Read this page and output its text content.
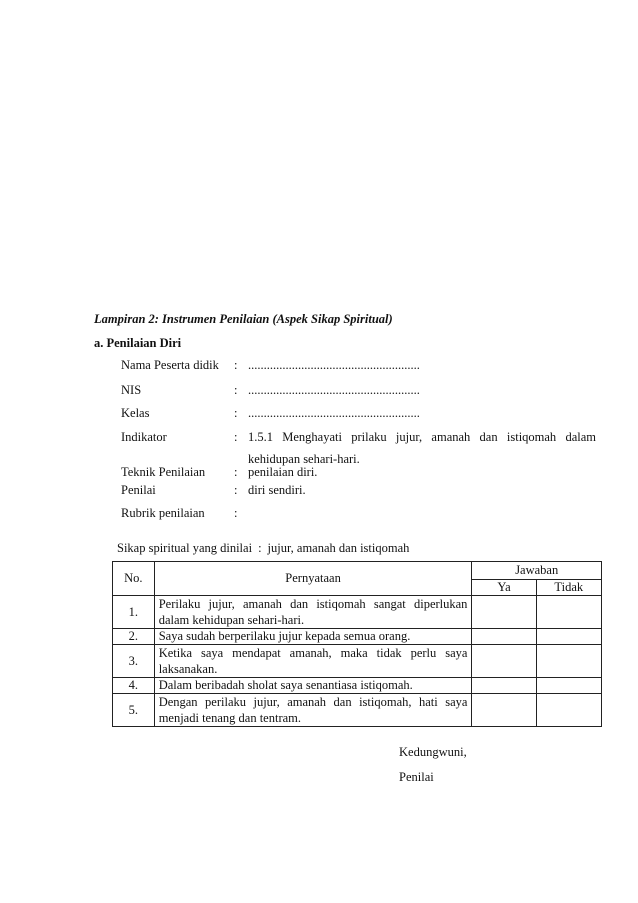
Lampiran 2: Instrumen Penilaian (Aspek Sikap Spiritual)
a. Penilaian Diri
Nama Peserta didik : .......................................................
NIS	: .......................................................
Kelas	: .......................................................
Indikator	: 1.5.1 Menghayati prilaku jujur, amanah dan istiqomah dalam
kehidupan sehari-hari.
Teknik Penilaian : penilaian diri.
Penilai	: diri sendiri.
Rubrik penilaian :
Sikap spiritual yang dinilai : jujur, amanah dan istiqomah
No.	Pernyataan	Jawaban	
		Ya	Tidak
1.	Perilaku jujur, amanah dan istiqomah sangat diperlukan
dalam kehidupan sehari-hari.		
2.	Saya sudah berperilaku jujur kepada semua orang.		
3.	Ketika saya mendapat amanah, maka tidak perlu saya
laksanakan.		
4.	Dalam beribadah sholat saya senantiasa istiqomah.		
5.	Dengan perilaku jujur, amanah dan istiqomah, hati saya
menjadi tenang dan tentram.		
Kedungwuni,
Penilai
